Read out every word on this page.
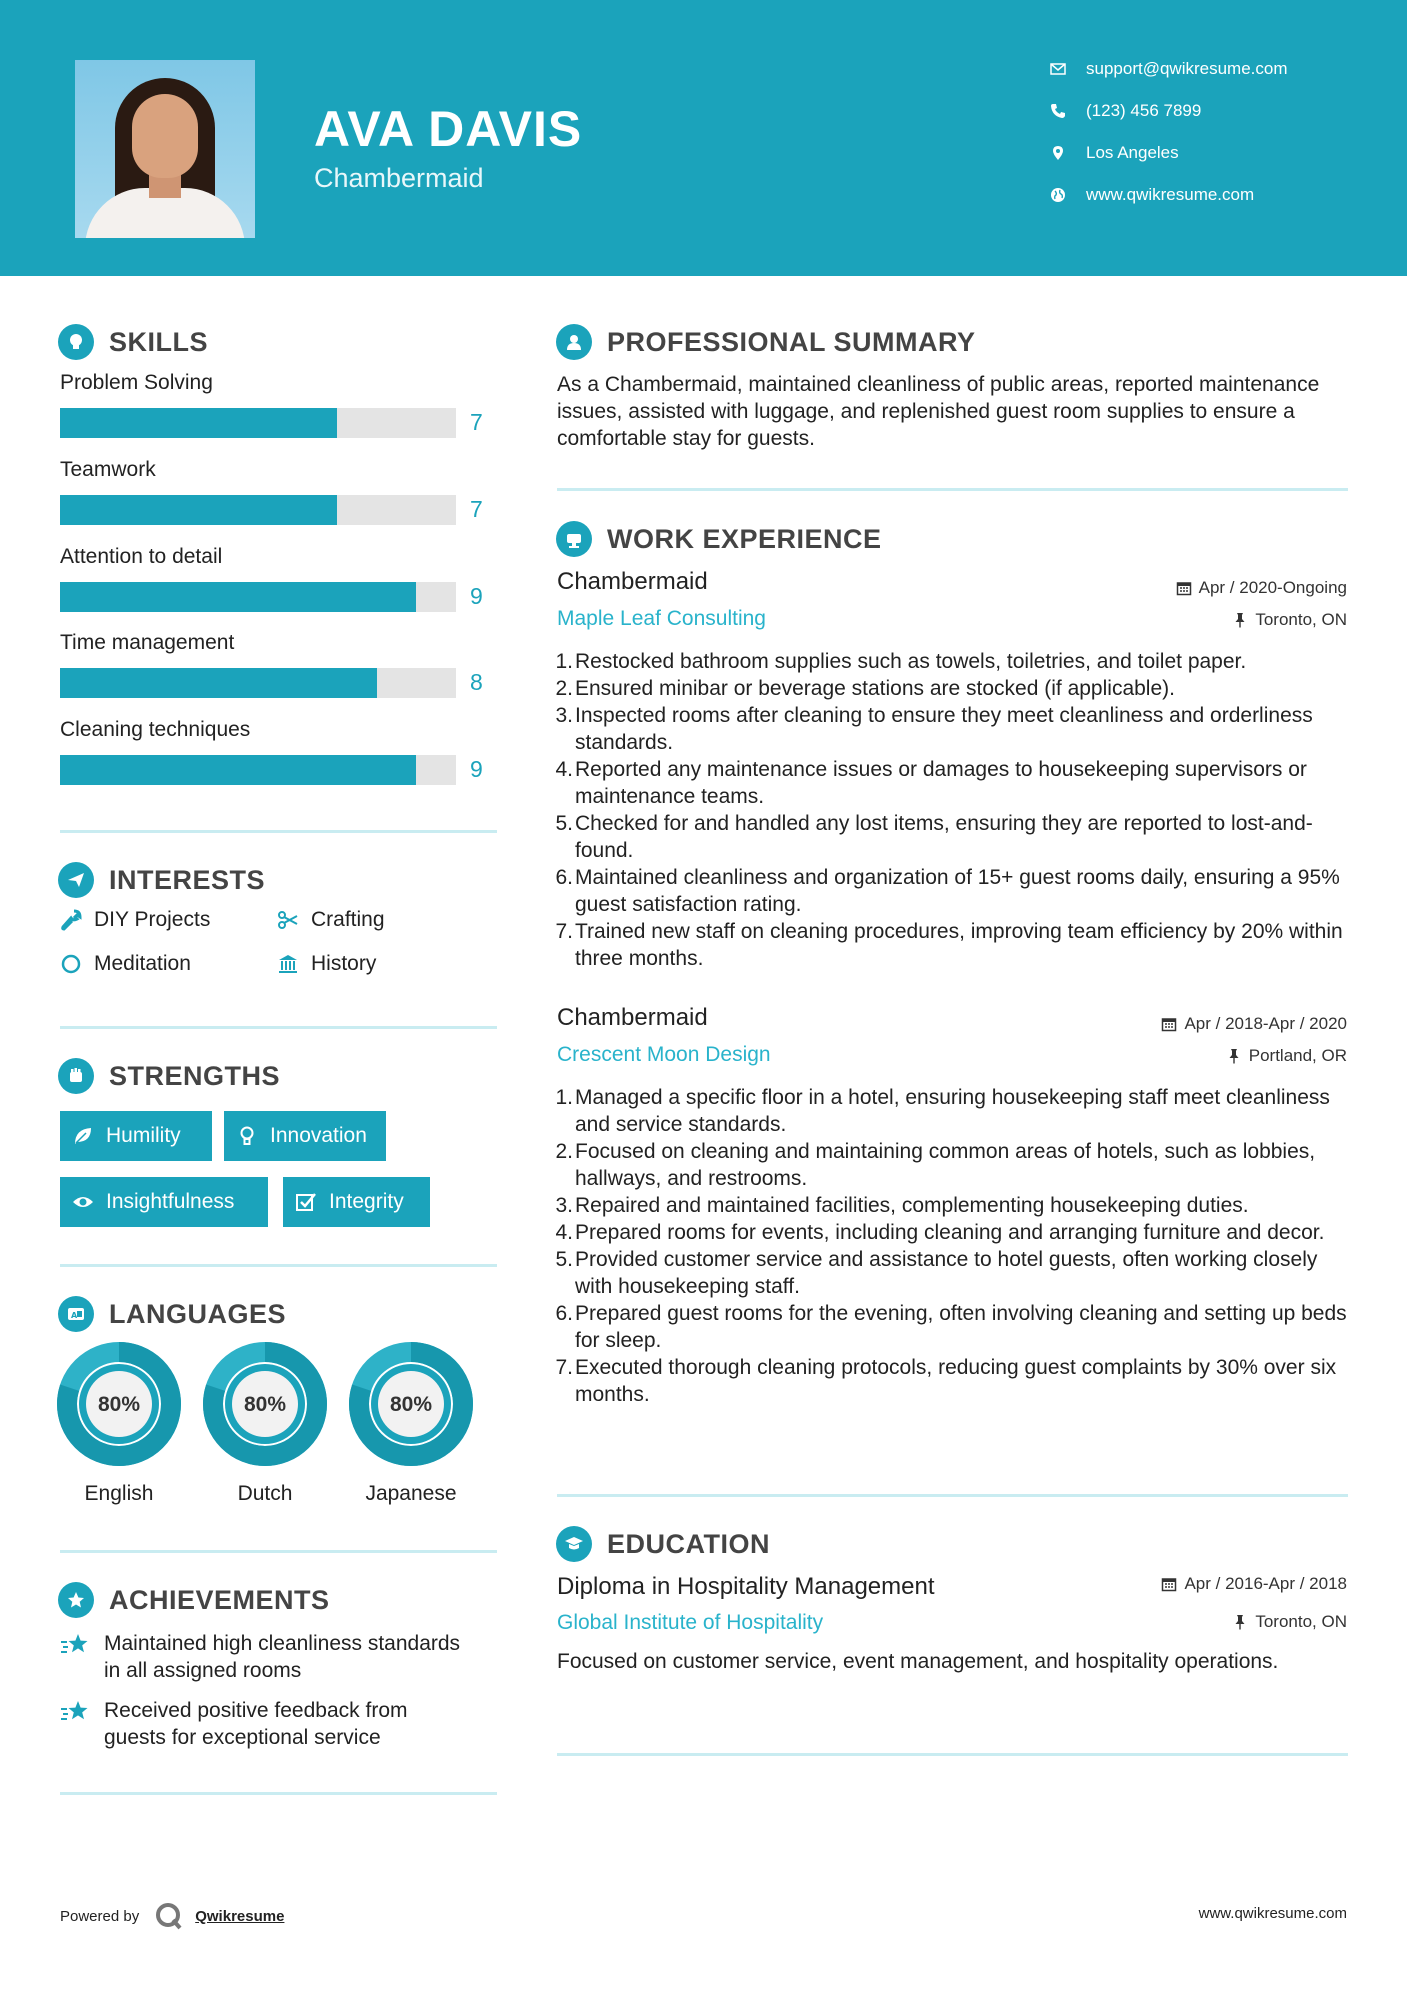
AVA DAVIS
Chambermaid
support@qwikresume.com
(123) 456 7899
Los Angeles
www.qwikresume.com
SKILLS
Problem Solving
7
Teamwork
7
Attention to detail
9
Time management
8
Cleaning techniques
9
INTERESTS
DIY Projects	Crafting
Meditation	History
STRENGTHS
Humility	Innovation
Insightfulness	Integrity
A LANGUAGES
80%
English
80%
Dutch
80%
Japanese
ACHIEVEMENTS
Maintained high cleanliness standards in all assigned rooms
Received positive feedback from guests for exceptional service
PROFESSIONAL SUMMARY
As a Chambermaid, maintained cleanliness of public areas, reported maintenance issues, assisted with luggage, and replenished guest room supplies to ensure a comfortable stay for guests.
WORK EXPERIENCE
Chambermaid	Apr / 2020-Ongoing
Maple Leaf Consulting	Toronto, ON
Restocked bathroom supplies such as towels, toiletries, and toilet paper.
Ensured minibar or beverage stations are stocked (if applicable).
Inspected rooms after cleaning to ensure they meet cleanliness and orderliness standards.
Reported any maintenance issues or damages to housekeeping supervisors or maintenance teams.
Checked for and handled any lost items, ensuring they are reported to lost-and-found.
Maintained cleanliness and organization of 15+ guest rooms daily, ensuring a 95% guest satisfaction rating.
Trained new staff on cleaning procedures, improving team efficiency by 20% within three months.
Chambermaid	Apr / 2018-Apr / 2020
Crescent Moon Design	Portland, OR
Managed a specific floor in a hotel, ensuring housekeeping staff meet cleanliness and service standards.
Focused on cleaning and maintaining common areas of hotels, such as lobbies, hallways, and restrooms.
Repaired and maintained facilities, complementing housekeeping duties.
Prepared rooms for events, including cleaning and arranging furniture and decor.
Provided customer service and assistance to hotel guests, often working closely with housekeeping staff.
Prepared guest rooms for the evening, often involving cleaning and setting up beds for sleep.
Executed thorough cleaning protocols, reducing guest complaints by 30% over six months.
EDUCATION
Diploma in Hospitality Management	Apr / 2016-Apr / 2018
Global Institute of Hospitality	Toronto, ON
Focused on customer service, event management, and hospitality operations.
Powered by	Qwikresume	www.qwikresume.com
